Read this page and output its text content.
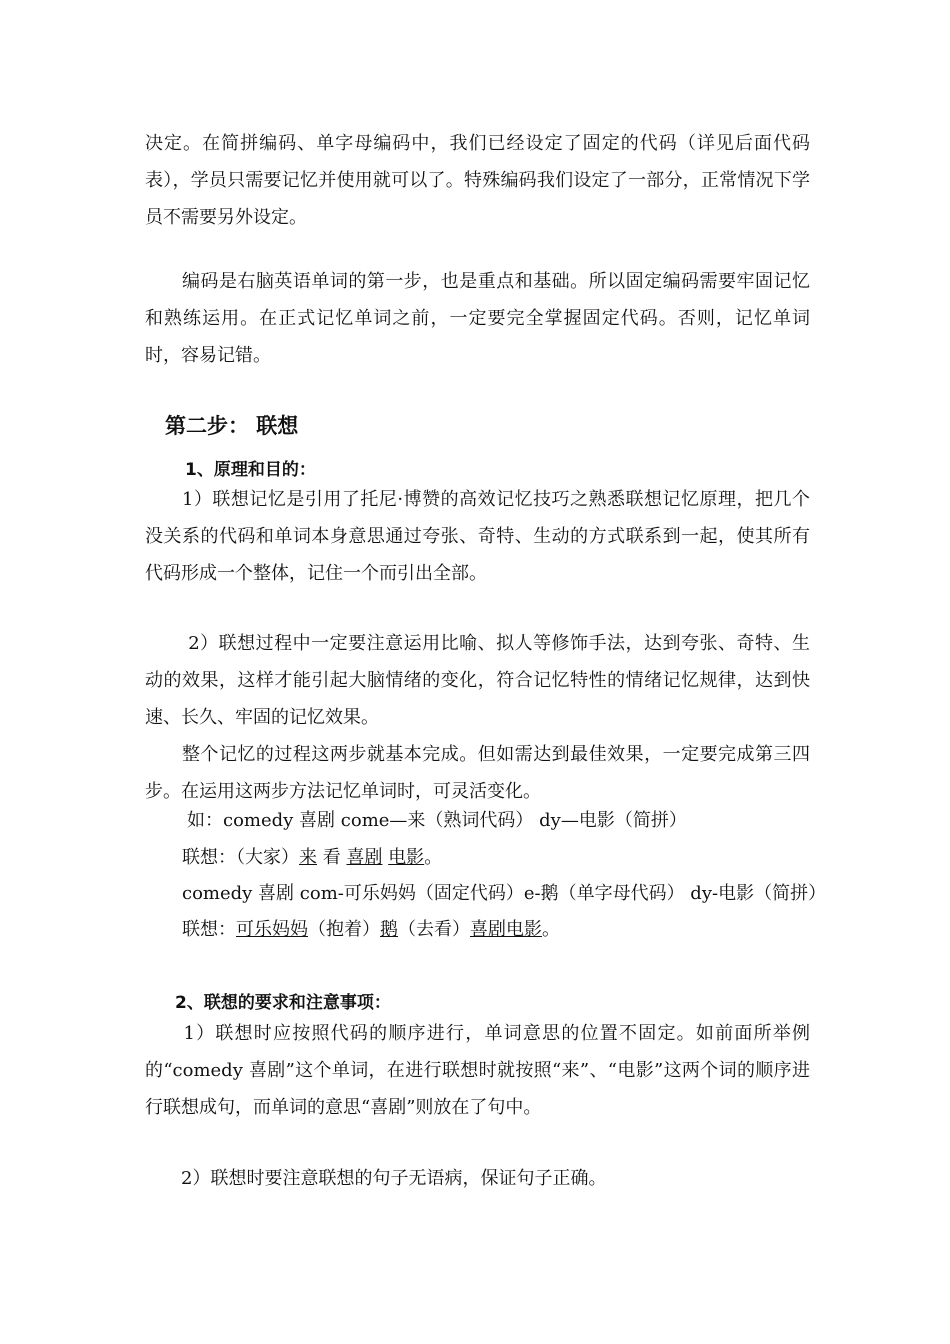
决定。在简拼编码、单字母编码中，我们已经设定了固定的代码（详见后面代码表），学员只需要记忆并使用就可以了。特殊编码我们设定了一部分，正常情况下学员不需要另外设定。

　　编码是右脑英语单词的第一步，也是重点和基础。所以固定编码需要牢固记忆和熟练运用。在正式记忆单词之前，一定要完全掌握固定代码。否则，记忆单词时，容易记错。

第二步： 联想
1、原理和目的：

　　1）联想记忆是引用了托尼·博赞的高效记忆技巧之熟悉联想记忆原理，把几个没关系的代码和单词本身意思通过夸张、奇特、生动的方式联系到一起，使其所有代码形成一个整体，记住一个而引出全部。

　　 2）联想过程中一定要注意运用比喻、拟人等修饰手法，达到夸张、奇特、生动的效果，这样才能引起大脑情绪的变化，符合记忆特性的情绪记忆规律，达到快速、长久、牢固的记忆效果。

　　整个记忆的过程这两步就基本完成。但如需达到最佳效果，一定要完成第三四步。在运用这两步方法记忆单词时，可灵活变化。

如：comedy 喜剧 come—来（熟词代码） dy—电影（简拼）

联想：（大家）来 看 喜剧 电影。

comedy 喜剧 com-可乐妈妈（固定代码）e-鹅（单字母代码） dy-电影（简拼）

联想：可乐妈妈（抱着）鹅（去看）喜剧电影。

2、联想的要求和注意事项：

　　1）联想时应按照代码的顺序进行，单词意思的位置不固定。如前面所举例的“comedy 喜剧”这个单词，在进行联想时就按照“来”、“电影”这两个词的顺序进行联想成句，而单词的意思“喜剧”则放在了句中。

　　2）联想时要注意联想的句子无语病，保证句子正确。
